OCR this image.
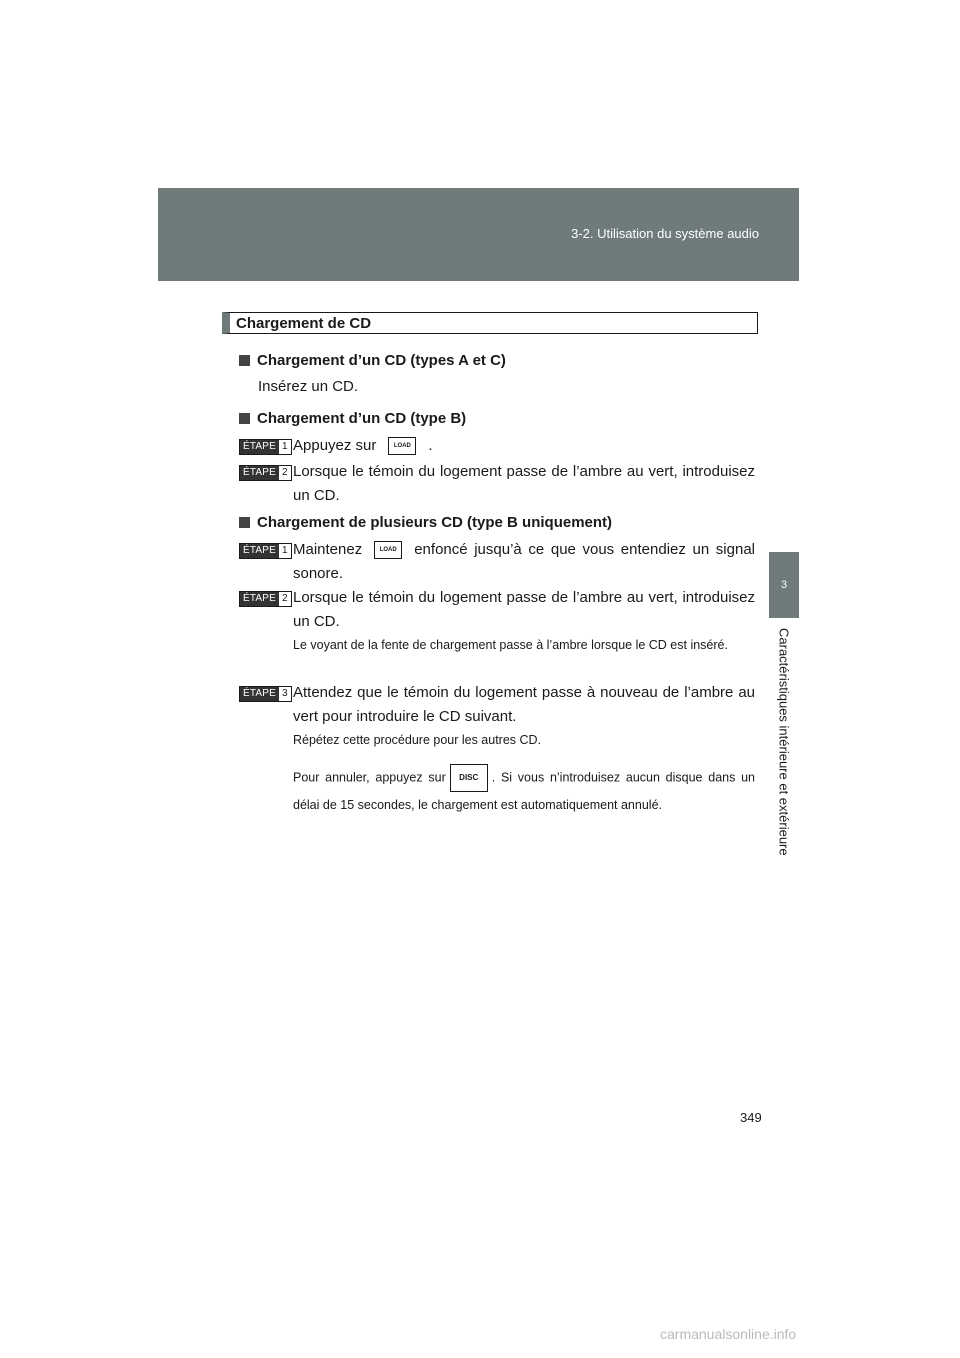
3-2. Utilisation du système audio
3
Caractéristiques intérieure et extérieure
Chargement de CD
Chargement d’un CD (types A et C)
Insérez un CD.
Chargement d’un CD (type B)
ÉTAPE 1 Appuyez sur	LOAD .
ÉTAPE 2 Lorsque le témoin du logement passe de l’ambre au vert, introduisez un CD.
Chargement de plusieurs CD (type B uniquement)
ÉTAPE 1 Maintenez	LOAD enfoncé jusqu’à ce que vous entendiez un signal sonore.
ÉTAPE 2 Lorsque le témoin du logement passe de l’ambre au vert, introduisez un CD.
Le voyant de la fente de chargement passe à l’ambre lorsque le CD est inséré.
ÉTAPE 3 Attendez que le témoin du logement passe à nouveau de l’ambre au vert pour introduire le CD suivant.
Répétez cette procédure pour les autres CD.
Pour annuler, appuyez sur DISC . Si vous n’introduisez aucun disque dans un délai de 15 secondes, le chargement est automatiquement annulé.
349
carmanualsonline.info
